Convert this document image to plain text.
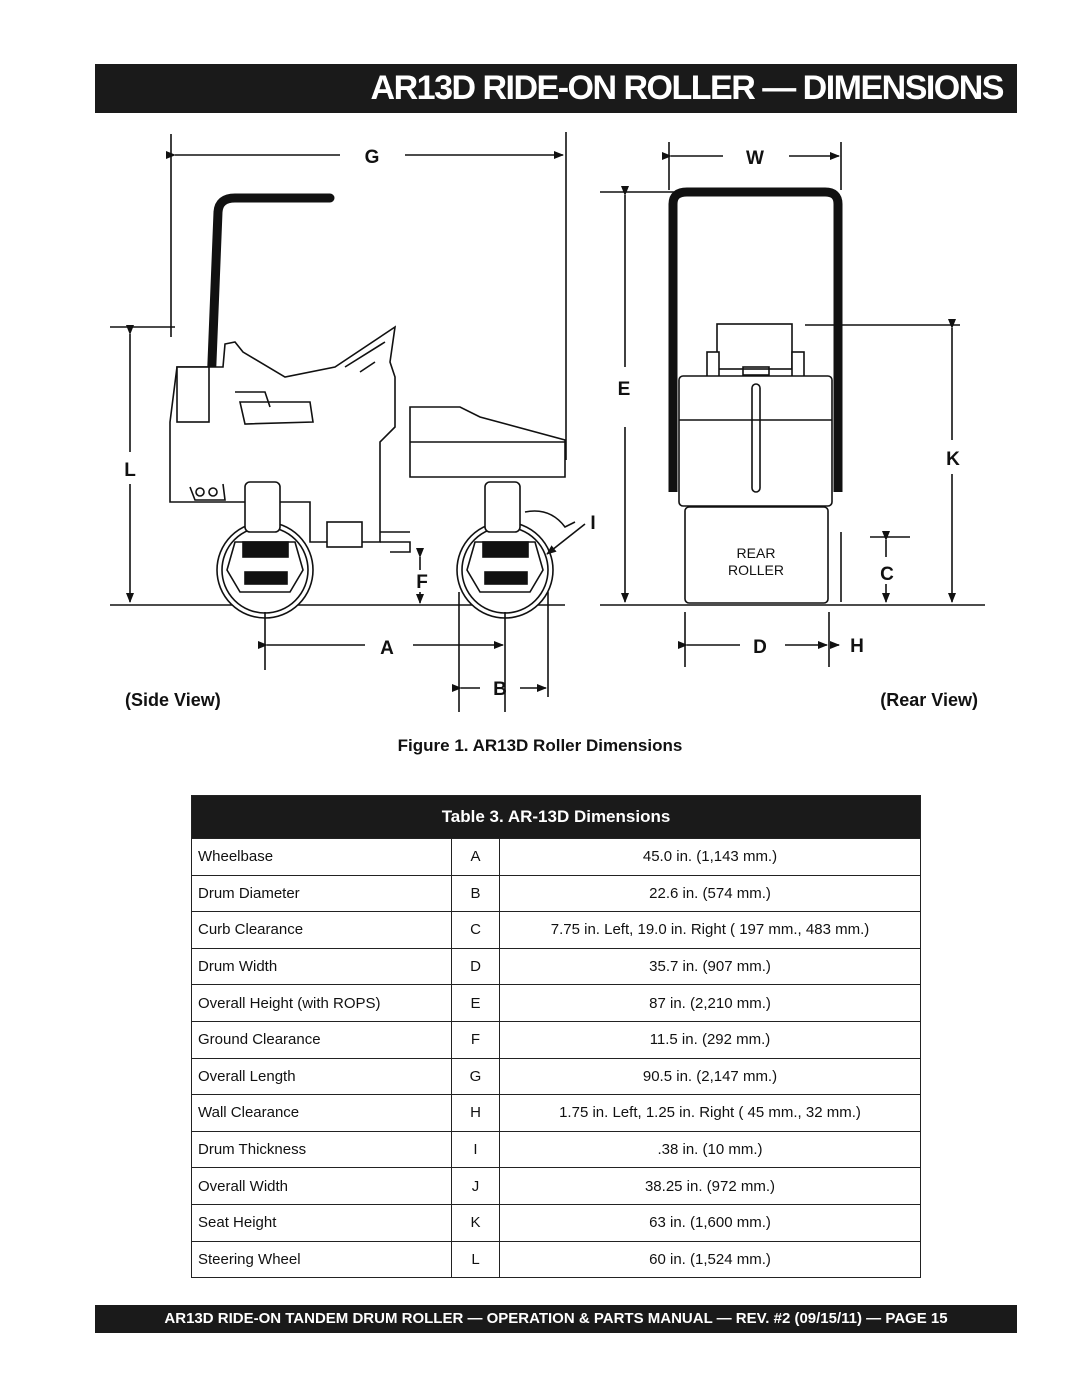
AR13D RIDE-ON ROLLER — DIMENSIONS
G	W
E
K
L
I
F	C
A	D	H
B
REAR
ROLLER
(Side View)	(Rear View)
Figure 1. AR13D Roller Dimensions
Table 3. AR-13D Dimensions
Wheelbase	A	45.0 in. (1,143 mm.)
Drum Diameter	B	22.6 in. (574 mm.)
Curb Clearance	C	7.75 in. Left, 19.0 in. Right ( 197 mm., 483 mm.)
Drum Width	D	35.7 in. (907 mm.)
Overall Height (with ROPS)	E	87 in. (2,210 mm.)
Ground Clearance	F	11.5 in. (292 mm.)
Overall Length	G	90.5 in. (2,147 mm.)
Wall Clearance	H	1.75 in. Left, 1.25 in. Right ( 45 mm., 32 mm.)
Drum Thickness	I	.38 in. (10 mm.)
Overall Width	J	38.25 in. (972 mm.)
Seat Height	K	63 in. (1,600 mm.)
Steering Wheel	L	60 in. (1,524 mm.)
AR13D RIDE-ON TANDEM DRUM ROLLER — OPERATION & PARTS MANUAL — REV. #2 (09/15/11) — PAGE 15
